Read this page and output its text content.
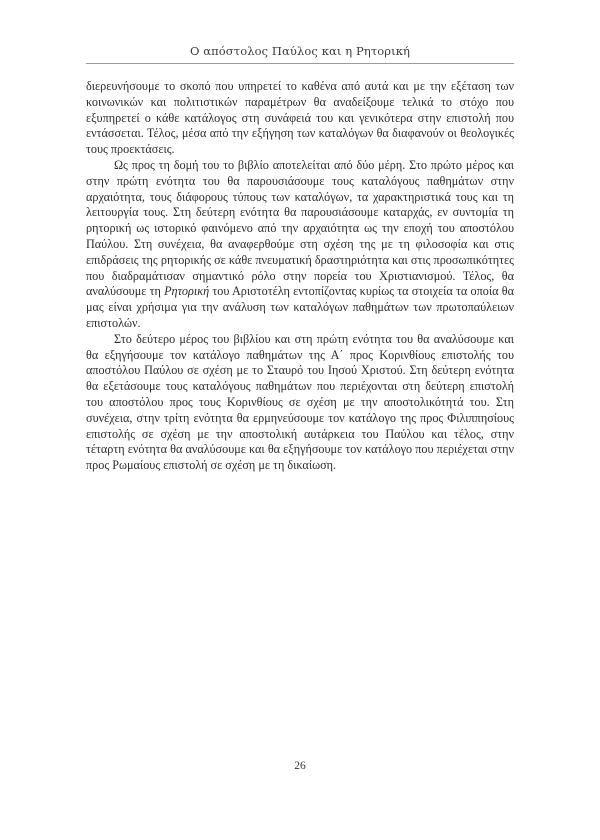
Ο απόστολος Παύλος και η Ρητορική

διερευνήσουμε το σκοπό που υπηρετεί το καθένα από αυτά και με την εξέταση των κοινωνικών και πολιτιστικών παραμέτρων θα αναδείξουμε τελικά το στόχο που εξυπηρετεί ο κάθε κατάλογος στη συνάφειά του και γενικότερα στην επιστολή που εντάσσεται. Τέλος, μέσα από την εξήγηση των καταλόγων θα διαφανούν οι θεολογικές τους προεκτάσεις.

Ως προς τη δομή του το βιβλίο αποτελείται από δύο μέρη. Στο πρώτο μέρος και στην πρώτη ενότητα του θα παρουσιάσουμε τους καταλόγους παθημάτων στην αρχαιότητα, τους διάφορους τύπους των καταλόγων, τα χαρακτηριστικά τους και τη λειτουργία τους. Στη δεύτερη ενότητα θα παρουσιάσουμε καταρχάς, εν συντομία τη ρητορική ως ιστορικό φαινόμενο από την αρχαιότητα ως την εποχή του αποστόλου Παύλου. Στη συνέχεια, θα αναφερθούμε στη σχέση της με τη φιλοσοφία και στις επιδράσεις της ρητορικής σε κάθε πνευματική δραστηριότητα και στις προσωπικότητες που διαδραμάτισαν σημαντικό ρόλο στην πορεία του Χριστιανισμού. Τέλος, θα αναλύσουμε τη Ρητορική του Αριστοτέλη εντοπίζοντας κυρίως τα στοιχεία τα οποία θα μας είναι χρήσιμα για την ανάλυση των καταλόγων παθημάτων των πρωτοπαύλειων επιστολών.

Στο δεύτερο μέρος του βιβλίου και στη πρώτη ενότητα του θα αναλύσουμε και θα εξηγήσουμε τον κατάλογο παθημάτων της Α΄ προς Κορινθίους επιστολής του αποστόλου Παύλου σε σχέση με το Σταυρό του Ιησού Χριστού. Στη δεύτερη ενότητα θα εξετάσουμε τους καταλόγους παθημάτων που περιέχονται στη δεύτερη επιστολή του αποστόλου προς τους Κορινθίους σε σχέση με την αποστολικότητά του. Στη συνέχεια, στην τρίτη ενότητα θα ερμηνεύσουμε τον κατάλογο της προς Φιλιππησίους επιστολής σε σχέση με την αποστολική αυτάρκεια του Παύλου και τέλος, στην τέταρτη ενότητα θα αναλύσουμε και θα εξηγήσουμε τον κατάλογο που περιέχεται στην προς Ρωμαίους επιστολή σε σχέση με τη δικαίωση.

26
